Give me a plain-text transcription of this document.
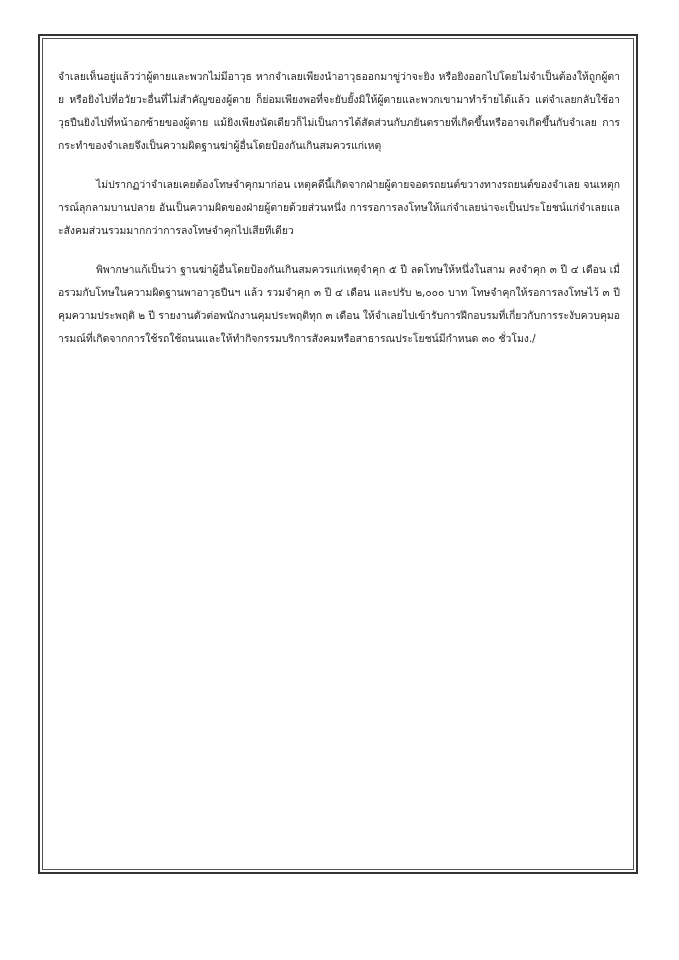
จำเลยเห็นอยู่แล้วว่าผู้ตายและพวกไม่มีอาวุธ หากจำเลยเพียงนำอาวุธออกมาขู่ว่าจะยิง หรือยิงออกไปโดยไม่จำเป็นต้องให้ถูกผู้ตาย หรือยิงไปที่อวัยวะอื่นที่ไม่สำคัญของผู้ตาย ก็ย่อมเพียงพอที่จะยับยั้งมิให้ผู้ตายและพวกเขามาทำร้ายได้แล้ว แต่จำเลยกลับใช้อาวุธปืนยิงไปที่หน้าอกซ้ายของผู้ตาย แม้ยิงเพียงนัดเดียวก็ไม่เป็นการได้สัดส่วนกับภยันตรายที่เกิดขึ้นหรืออาจเกิดขึ้นกับจำเลย การกระทำของจำเลยจึงเป็นความผิดฐานฆ่าผู้อื่นโดยป้องกันเกินสมควรแก่เหตุ

ไม่ปรากฏว่าจำเลยเคยต้องโทษจำคุกมาก่อน เหตุคดีนี้เกิดจากฝ่ายผู้ตายจอดรถยนต์ขวางทางรถยนต์ของจำเลย จนเหตุการณ์ลุกลามบานปลาย อันเป็นความผิดของฝ่ายผู้ตายด้วยส่วนหนึ่ง การรอการลงโทษให้แก่จำเลยน่าจะเป็นประโยชน์แก่จำเลยและสังคมส่วนรวมมากกว่าการลงโทษจำคุกไปเสียทีเดียว

พิพากษาแก้เป็นว่า ฐานฆ่าผู้อื่นโดยป้องกันเกินสมควรแก่เหตุจำคุก ๕ ปี ลดโทษให้หนึ่งในสาม คงจำคุก ๓ ปี ๔ เดือน เมื่อรวมกับโทษในความผิดฐานพาอาวุธปืนฯ แล้ว รวมจำคุก ๓ ปี ๔ เดือน และปรับ ๒,๐๐๐ บาท โทษจำคุกให้รอการลงโทษไว้ ๓ ปี คุมความประพฤติ ๒ ปี รายงานตัวต่อพนักงานคุมประพฤติทุก ๓ เดือน ให้จำเลยไปเข้ารับการฝึกอบรมที่เกี่ยวกับการระงับควบคุมอารมณ์ที่เกิดจากการใช้รถใช้ถนนและให้ทำกิจกรรมบริการสังคมหรือสาธารณประโยชน์มีกำหนด ๓๐ ชั่วโมง./
